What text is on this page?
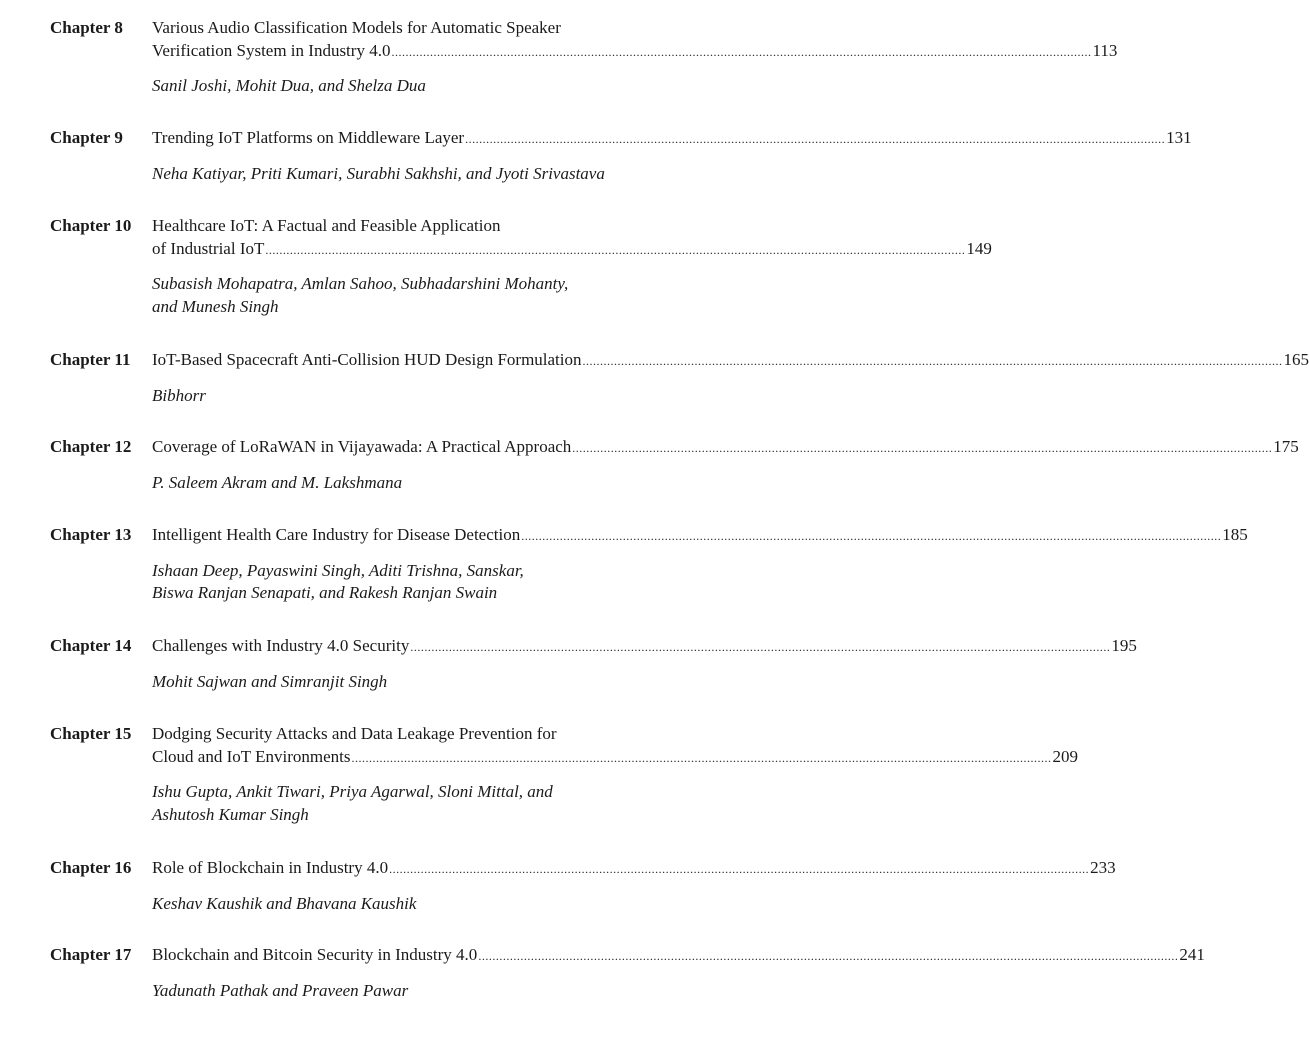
Chapter 8 Various Audio Classification Models for Automatic Speaker
Verification System in Industry 4.0 ........................................................................................................................................................................................................ 113
Sanil Joshi, Mohit Dua, and Shelza Dua
Chapter 9 Trending IoT Platforms on Middleware Layer ........................................................................................................................................................................................................ 131
Neha Katiyar, Priti Kumari, Surabhi Sakhshi, and Jyoti Srivastava
Chapter 10 Healthcare IoT: A Factual and Feasible Application
of Industrial IoT ........................................................................................................................................................................................................ 149
Subasish Mohapatra, Amlan Sahoo, Subhadarshini Mohanty,
and Munesh Singh
Chapter 11 IoT-Based Spacecraft Anti-Collision HUD Design Formulation ........................................................................................................................................................................................................ 165
Bibhorr
Chapter 12 Coverage of LoRaWAN in Vijayawada: A Practical Approach ........................................................................................................................................................................................................ 175
P. Saleem Akram and M. Lakshmana
Chapter 13 Intelligent Health Care Industry for Disease Detection ........................................................................................................................................................................................................ 185
Ishaan Deep, Payaswini Singh, Aditi Trishna, Sanskar,
Biswa Ranjan Senapati, and Rakesh Ranjan Swain
Chapter 14 Challenges with Industry 4.0 Security ........................................................................................................................................................................................................ 195
Mohit Sajwan and Simranjit Singh
Chapter 15 Dodging Security Attacks and Data Leakage Prevention for
Cloud and IoT Environments ........................................................................................................................................................................................................ 209
Ishu Gupta, Ankit Tiwari, Priya Agarwal, Sloni Mittal, and
Ashutosh Kumar Singh
Chapter 16 Role of Blockchain in Industry 4.0 ........................................................................................................................................................................................................ 233
Keshav Kaushik and Bhavana Kaushik
Chapter 17 Blockchain and Bitcoin Security in Industry 4.0 ........................................................................................................................................................................................................ 241
Yadunath Pathak and Praveen Pawar
